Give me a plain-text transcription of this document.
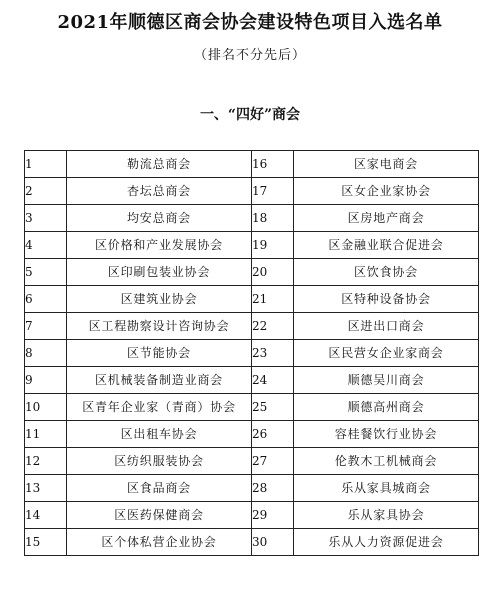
2021年顺德区商会协会建设特色项目入选名单
（排名不分先后）
一、“四好”商会
1	勒流总商会	16	区家电商会
2	杏坛总商会	17	区女企业家协会
3	均安总商会	18	区房地产商会
4	区价格和产业发展协会	19	区金融业联合促进会
5	区印刷包装业协会	20	区饮食协会
6	区建筑业协会	21	区特种设备协会
7	区工程勘察设计咨询协会	22	区进出口商会
8	区节能协会	23	区民营女企业家商会
9	区机械装备制造业商会	24	顺德吴川商会
10	区青年企业家（青商）协会	25	顺德高州商会
11	区出租车协会	26	容桂餐饮行业协会
12	区纺织服装协会	27	伦教木工机械商会
13	区食品商会	28	乐从家具城商会
14	区医药保健商会	29	乐从家具协会
15	区个体私营企业协会	30	乐从人力资源促进会
